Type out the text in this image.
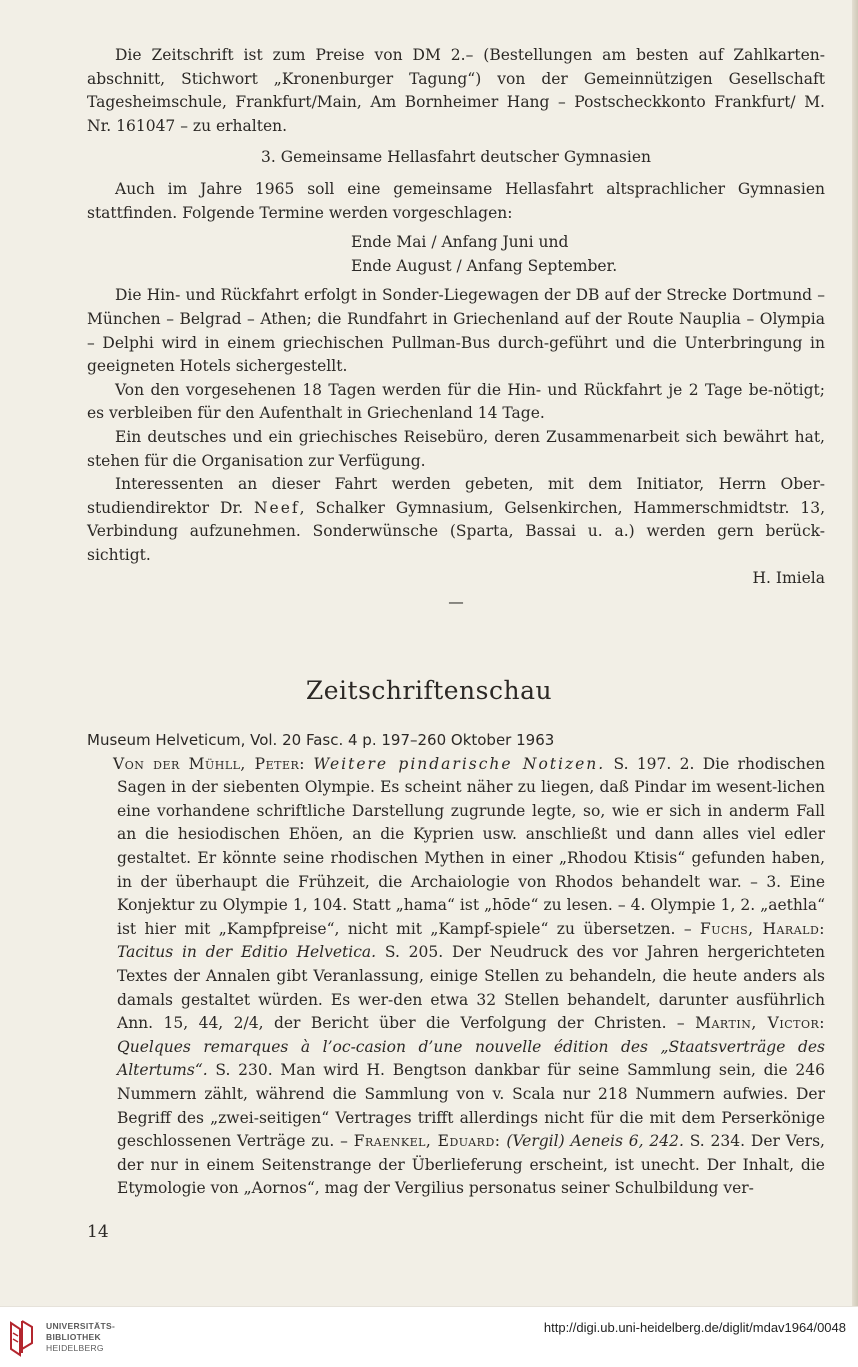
Die Zeitschrift ist zum Preise von DM 2.– (Bestellungen am besten auf Zahlkarten-abschnitt, Stichwort „Kronenburger Tagung“) von der Gemeinnützigen Gesellschaft Tagesheimschule, Frankfurt/Main, Am Bornheimer Hang – Postscheckkonto Frankfurt/ M. Nr. 161047 – zu erhalten.

3. Gemeinsame Hellasfahrt deutscher Gymnasien

Auch im Jahre 1965 soll eine gemeinsame Hellasfahrt altsprachlicher Gymnasien stattfinden. Folgende Termine werden vorgeschlagen:

Ende Mai / Anfang Juni und

Ende August / Anfang September.

Die Hin- und Rückfahrt erfolgt in Sonder-Liegewagen der DB auf der Strecke Dortmund – München – Belgrad – Athen; die Rundfahrt in Griechenland auf der Route Nauplia – Olympia – Delphi wird in einem griechischen Pullman-Bus durch-geführt und die Unterbringung in geeigneten Hotels sichergestellt.

Von den vorgesehenen 18 Tagen werden für die Hin- und Rückfahrt je 2 Tage be-nötigt; es verbleiben für den Aufenthalt in Griechenland 14 Tage.

Ein deutsches und ein griechisches Reisebüro, deren Zusammenarbeit sich bewährt hat, stehen für die Organisation zur Verfügung.

Interessenten an dieser Fahrt werden gebeten, mit dem Initiator, Herrn Ober-studiendirektor Dr. Neef, Schalker Gymnasium, Gelsenkirchen, Hammerschmidtstr. 13, Verbindung aufzunehmen. Sonderwünsche (Sparta, Bassai u. a.) werden gern berück-sichtigt.

H. Imiela

—

Zeitschriftenschau

Museum Helveticum, Vol. 20 Fasc. 4 p. 197–260 Oktober 1963

Von der Mühll, Peter: Weitere pindarische Notizen. S. 197. 2. Die rhodischen Sagen in der siebenten Olympie. Es scheint näher zu liegen, daß Pindar im wesent-lichen eine vorhandene schriftliche Darstellung zugrunde legte, so, wie er sich in anderm Fall an die hesiodischen Ehöen, an die Kyprien usw. anschließt und dann alles viel edler gestaltet. Er könnte seine rhodischen Mythen in einer „Rhodou Ktisis“ gefunden haben, in der überhaupt die Frühzeit, die Archaiologie von Rhodos behandelt war. – 3. Eine Konjektur zu Olympie 1, 104. Statt „hama“ ist „hōde“ zu lesen. – 4. Olympie 1, 2. „aethla“ ist hier mit „Kampfpreise“, nicht mit „Kampf-spiele“ zu übersetzen. – Fuchs, Harald: Tacitus in der Editio Helvetica. S. 205. Der Neudruck des vor Jahren hergerichteten Textes der Annalen gibt Veranlassung, einige Stellen zu behandeln, die heute anders als damals gestaltet würden. Es wer-den etwa 32 Stellen behandelt, darunter ausführlich Ann. 15, 44, 2/4, der Bericht über die Verfolgung der Christen. – Martin, Victor: Quelques remarques à l’oc-casion d’une nouvelle édition des „Staatsverträge des Altertums“. S. 230. Man wird H. Bengtson dankbar für seine Sammlung sein, die 246 Nummern zählt, während die Sammlung von v. Scala nur 218 Nummern aufwies. Der Begriff des „zwei-seitigen“ Vertrages trifft allerdings nicht für die mit dem Perserkönige geschlossenen Verträge zu. – Fraenkel, Eduard: (Vergil) Aeneis 6, 242. S. 234. Der Vers, der nur in einem Seitenstrange der Überlieferung erscheint, ist unecht. Der Inhalt, die Etymologie von „Aornos“, mag der Vergilius personatus seiner Schulbildung ver-

14
UNIVERSITÄTS-
BIBLIOTHEK
HEIDELBERG
http://digi.ub.uni-heidelberg.de/diglit/mdav1964/0048
